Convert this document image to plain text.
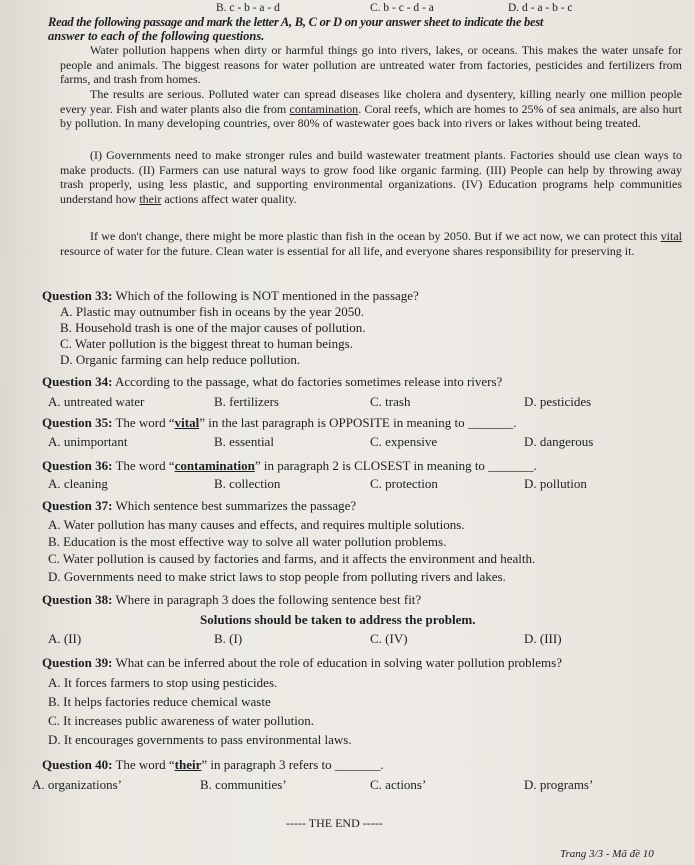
B. c - b - a - d	C. b - c - d - a	D. d - a - b - c
Read the following passage and mark the letter A, B, C or D on your answer sheet to indicate the best
answer to each of the following questions.
Water pollution happens when dirty or harmful things go into rivers, lakes, or oceans. This makes the water unsafe for people and animals. The biggest reasons for water pollution are untreated water from factories, pesticides and fertilizers from farms, and trash from homes.
The results are serious. Polluted water can spread diseases like cholera and dysentery, killing nearly one million people every year. Fish and water plants also die from contamination. Coral reefs, which are homes to 25% of sea animals, are also hurt by pollution. In many developing countries, over 80% of wastewater goes back into rivers or lakes without being treated.
(I) Governments need to make stronger rules and build wastewater treatment plants. Factories should use clean ways to make products. (II) Farmers can use natural ways to grow food like organic farming. (III) People can help by throwing away trash properly, using less plastic, and supporting environmental organizations. (IV) Education programs help communities understand how their actions affect water quality.
If we don't change, there might be more plastic than fish in the ocean by 2050. But if we act now, we can protect this vital resource of water for the future. Clean water is essential for all life, and everyone shares responsibility for preserving it.
Question 33: Which of the following is NOT mentioned in the passage?
A. Plastic may outnumber fish in oceans by the year 2050.
B. Household trash is one of the major causes of pollution.
C. Water pollution is the biggest threat to human beings.
D. Organic farming can help reduce pollution.
Question 34: According to the passage, what do factories sometimes release into rivers?
A. untreated water	B. fertilizers	C. trash	D. pesticides
Question 35: The word “vital” in the last paragraph is OPPOSITE in meaning to _______.
A. unimportant	B. essential	C. expensive	D. dangerous
Question 36: The word “contamination” in paragraph 2 is CLOSEST in meaning to _______.
A. cleaning	B. collection	C. protection	D. pollution
Question 37: Which sentence best summarizes the passage?
A. Water pollution has many causes and effects, and requires multiple solutions.
B. Education is the most effective way to solve all water pollution problems.
C. Water pollution is caused by factories and farms, and it affects the environment and health.
D. Governments need to make strict laws to stop people from polluting rivers and lakes.
Question 38: Where in paragraph 3 does the following sentence best fit?
Solutions should be taken to address the problem.
A. (II)	B. (I)	C. (IV)	D. (III)
Question 39: What can be inferred about the role of education in solving water pollution problems?
A. It forces farmers to stop using pesticides.
B. It helps factories reduce chemical waste
C. It increases public awareness of water pollution.
D. It encourages governments to pass environmental laws.
Question 40: The word “their” in paragraph 3 refers to _______.
A. organizations’	B. communities’	C. actions’	D. programs’
----- THE END -----
Trang 3/3 - Mã đề 10
